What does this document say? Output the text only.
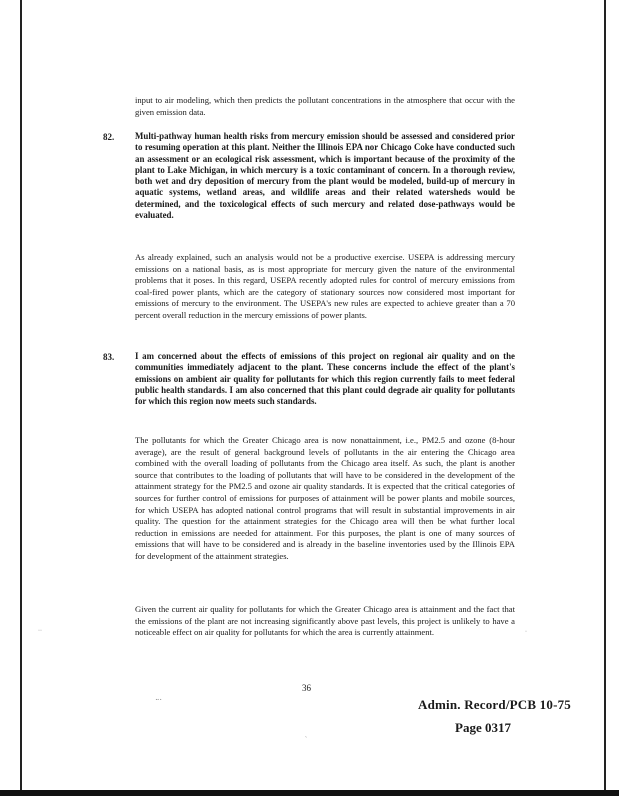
input to air modeling, which then predicts the pollutant concentrations in the atmosphere that occur with the given emission data.

82. Multi-pathway human health risks from mercury emission should be assessed and considered prior to resuming operation at this plant. Neither the Illinois EPA nor Chicago Coke have conducted such an assessment or an ecological risk assessment, which is important because of the proximity of the plant to Lake Michigan, in which mercury is a toxic contaminant of concern. In a thorough review, both wet and dry deposition of mercury from the plant would be modeled, build-up of mercury in aquatic systems, wetland areas, and wildlife areas and their related watersheds would be determined, and the toxicological effects of such mercury and related dose-pathways would be evaluated.

As already explained, such an analysis would not be a productive exercise. USEPA is addressing mercury emissions on a national basis, as is most appropriate for mercury given the nature of the environmental problems that it poses. In this regard, USEPA recently adopted rules for control of mercury emissions from coal-fired power plants, which are the category of stationary sources now considered most important for emissions of mercury to the environment. The USEPA's new rules are expected to achieve greater than a 70 percent overall reduction in the mercury emissions of power plants.

83. I am concerned about the effects of emissions of this project on regional air quality and on the communities immediately adjacent to the plant. These concerns include the effect of the plant's emissions on ambient air quality for pollutants for which this region currently fails to meet federal public health standards. I am also concerned that this plant could degrade air quality for pollutants for which this region now meets such standards.

The pollutants for which the Greater Chicago area is now nonattainment, i.e., PM2.5 and ozone (8-hour average), are the result of general background levels of pollutants in the air entering the Chicago area combined with the overall loading of pollutants from the Chicago area itself. As such, the plant is another source that contributes to the loading of pollutants that will have to be considered in the development of the attainment strategy for the PM2.5 and ozone air quality standards. It is expected that the critical categories of sources for further control of emissions for purposes of attainment will be power plants and mobile sources, for which USEPA has adopted national control programs that will result in substantial improvements in air quality. The question for the attainment strategies for the Chicago area will then be what further local reduction in emissions are needed for attainment. For this purposes, the plant is one of many sources of emissions that will have to be considered and is already in the baseline inventories used by the Illinois EPA for development of the attainment strategies.

Given the current air quality for pollutants for which the Greater Chicago area is attainment and the fact that the emissions of the plant are not increasing significantly above past levels, this project is unlikely to have a noticeable effect on air quality for pollutants for which the area is currently attainment.

36
Admin. Record/PCB 10-75
Page 0317
··
⠒⠂
ˎ
·
